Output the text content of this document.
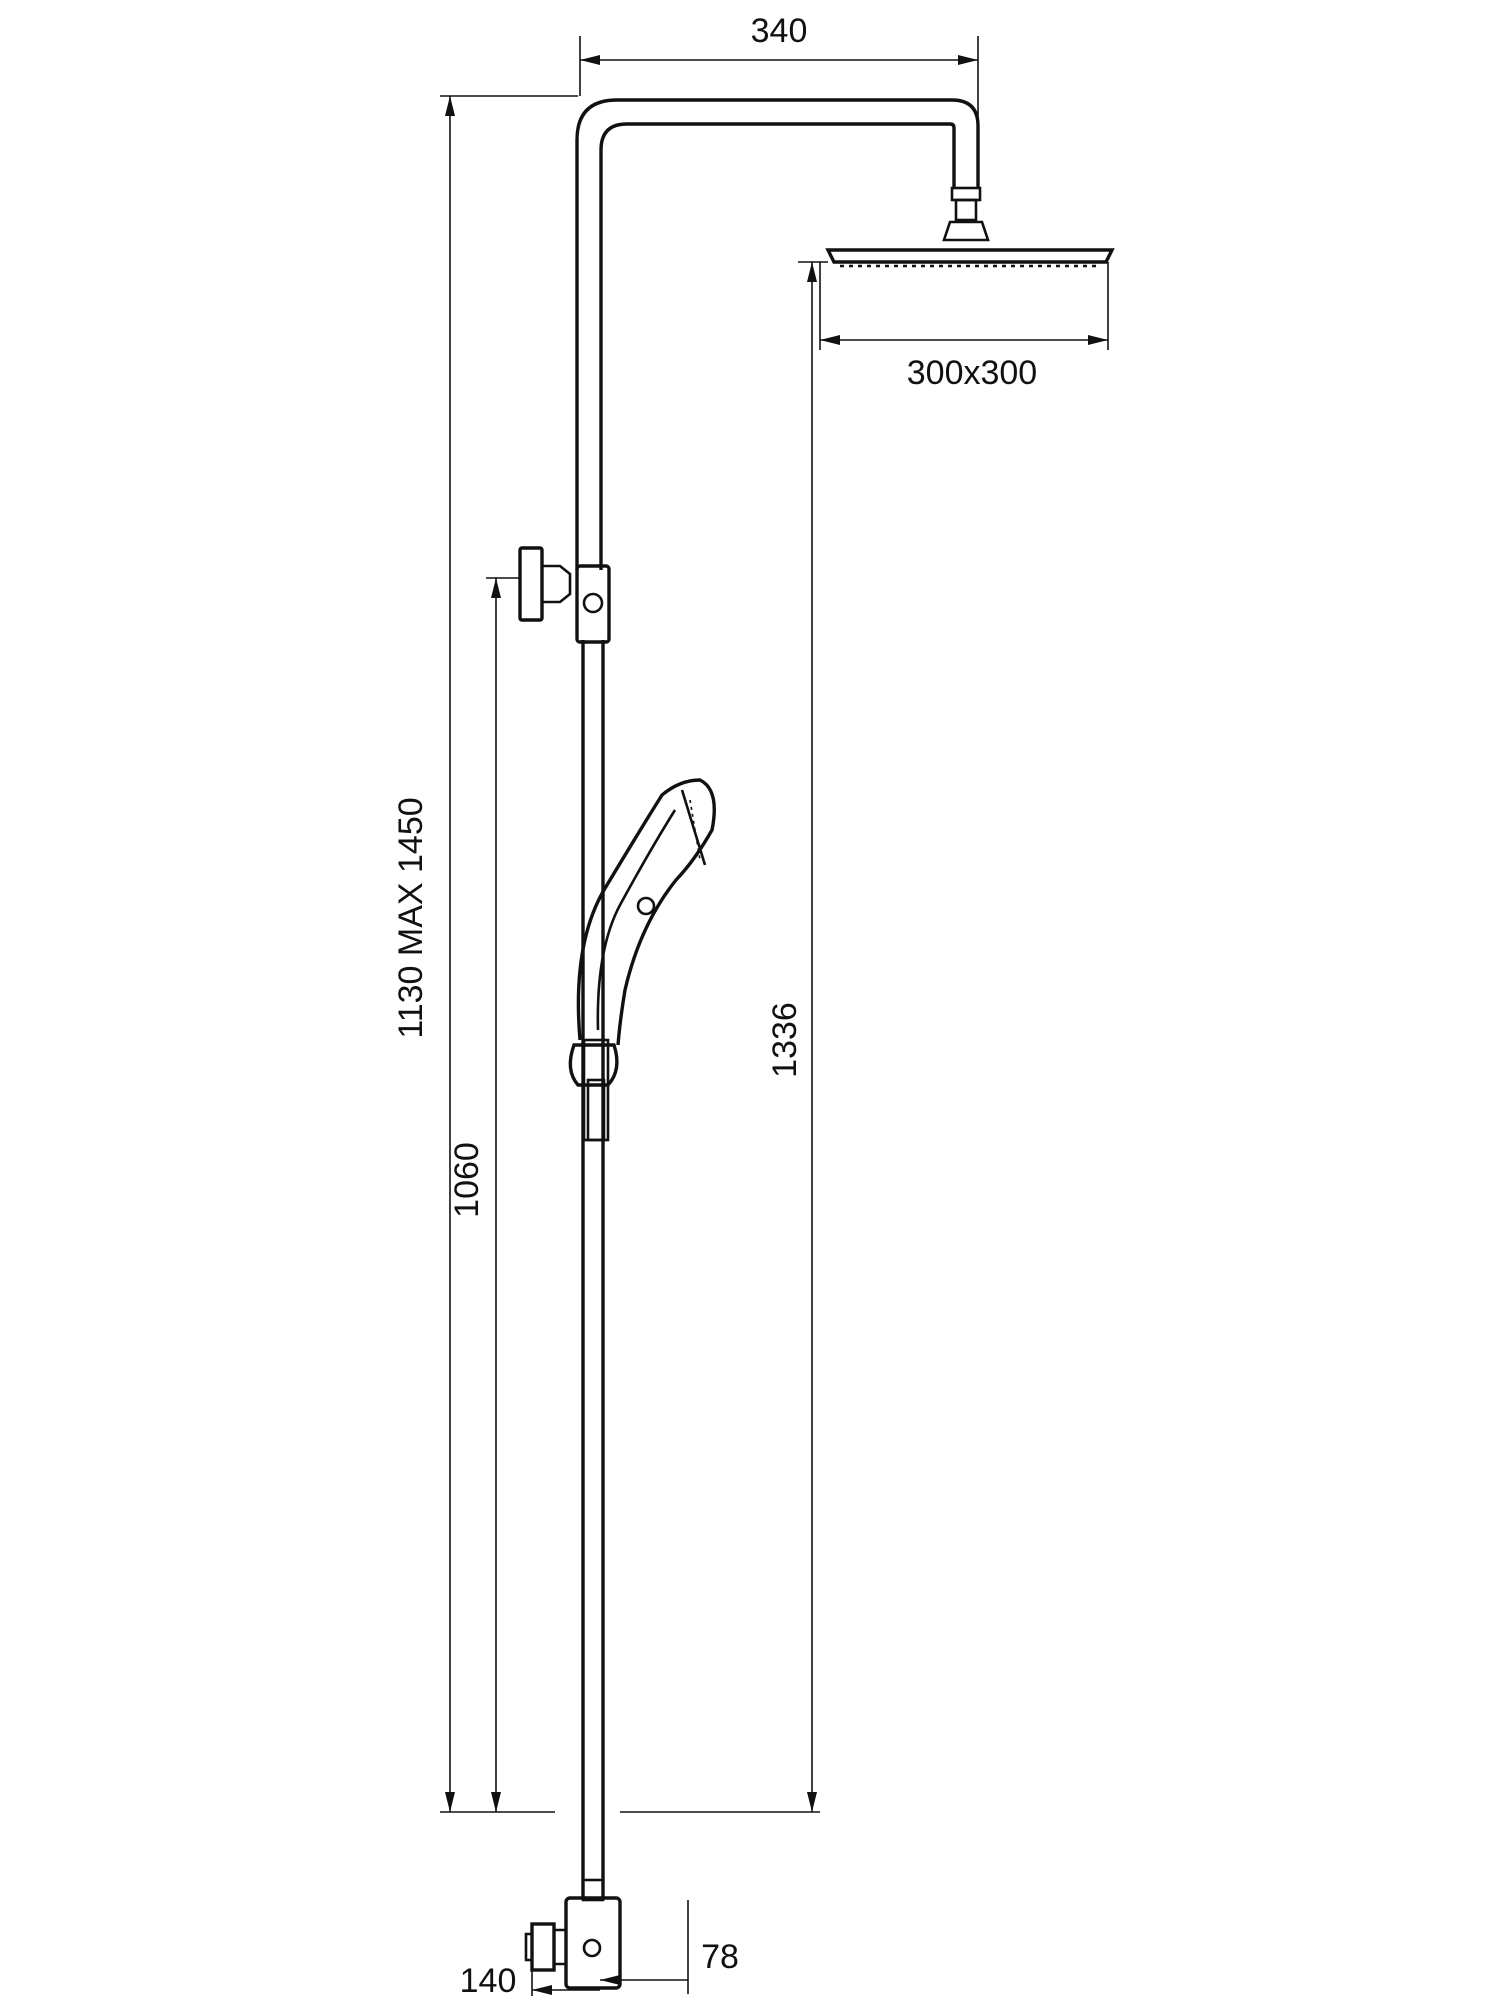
340
300x300
1130 MAX 1450
1060
1336
78
140
